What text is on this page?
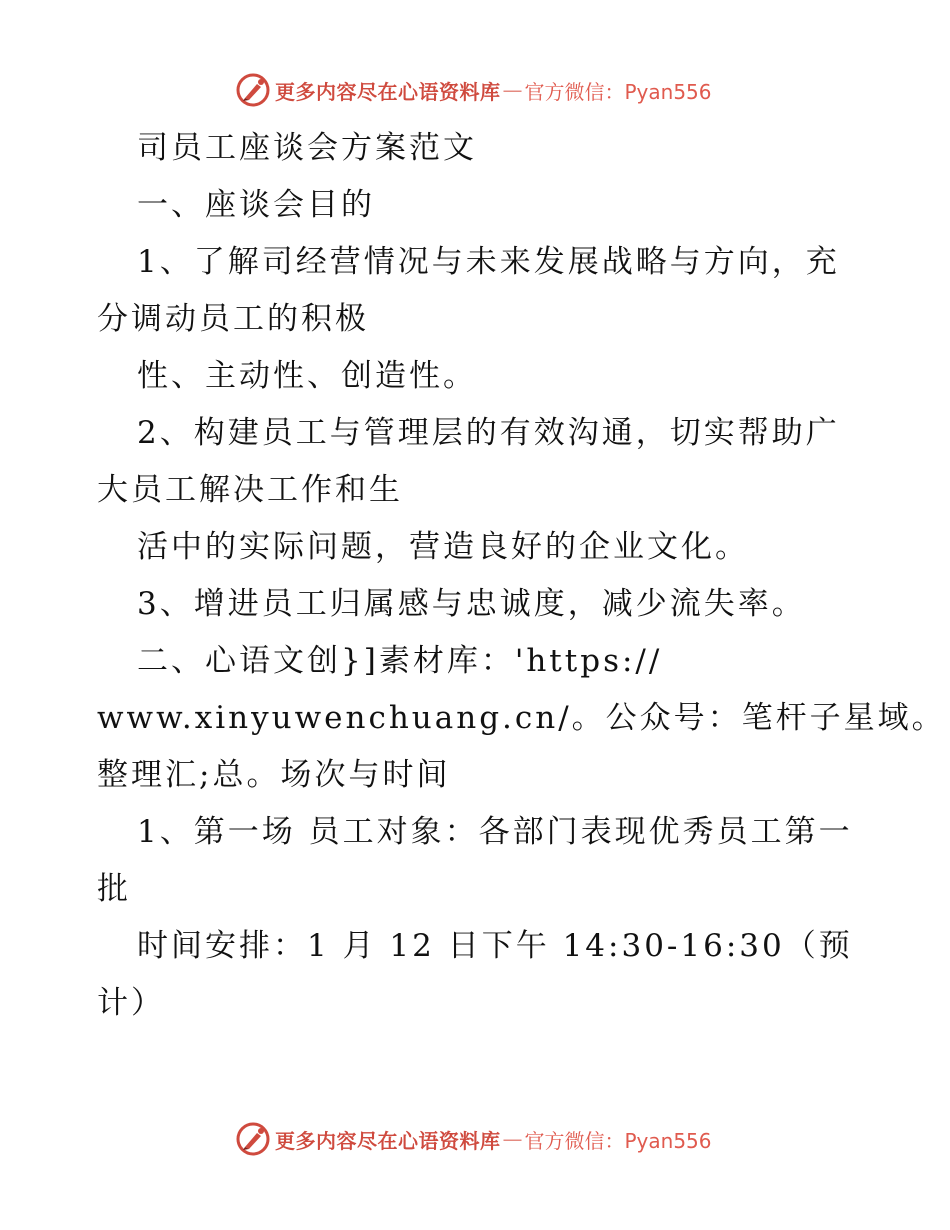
更多内容尽在心语资料库 — 官方微信：Pyan556
司员工座谈会方案范文
一、座谈会目的
1、了解司经营情况与未来发展战略与方向，充
分调动员工的积极
性、主动性、创造性。
2、构建员工与管理层的有效沟通，切实帮助广
大员工解决工作和生
活中的实际问题，营造良好的企业文化。
3、增进员工归属感与忠诚度，减少流失率。
二、心语文创}]素材库：'https://
www.xinyuwenchuang.cn/。公众号：笔杆子星域。
整理汇;总。场次与时间
1、第一场 员工对象：各部门表现优秀员工第一
批
时间安排：1 月 12 日下午 14:30-16:30（预
计）
更多内容尽在心语资料库 — 官方微信：Pyan556
